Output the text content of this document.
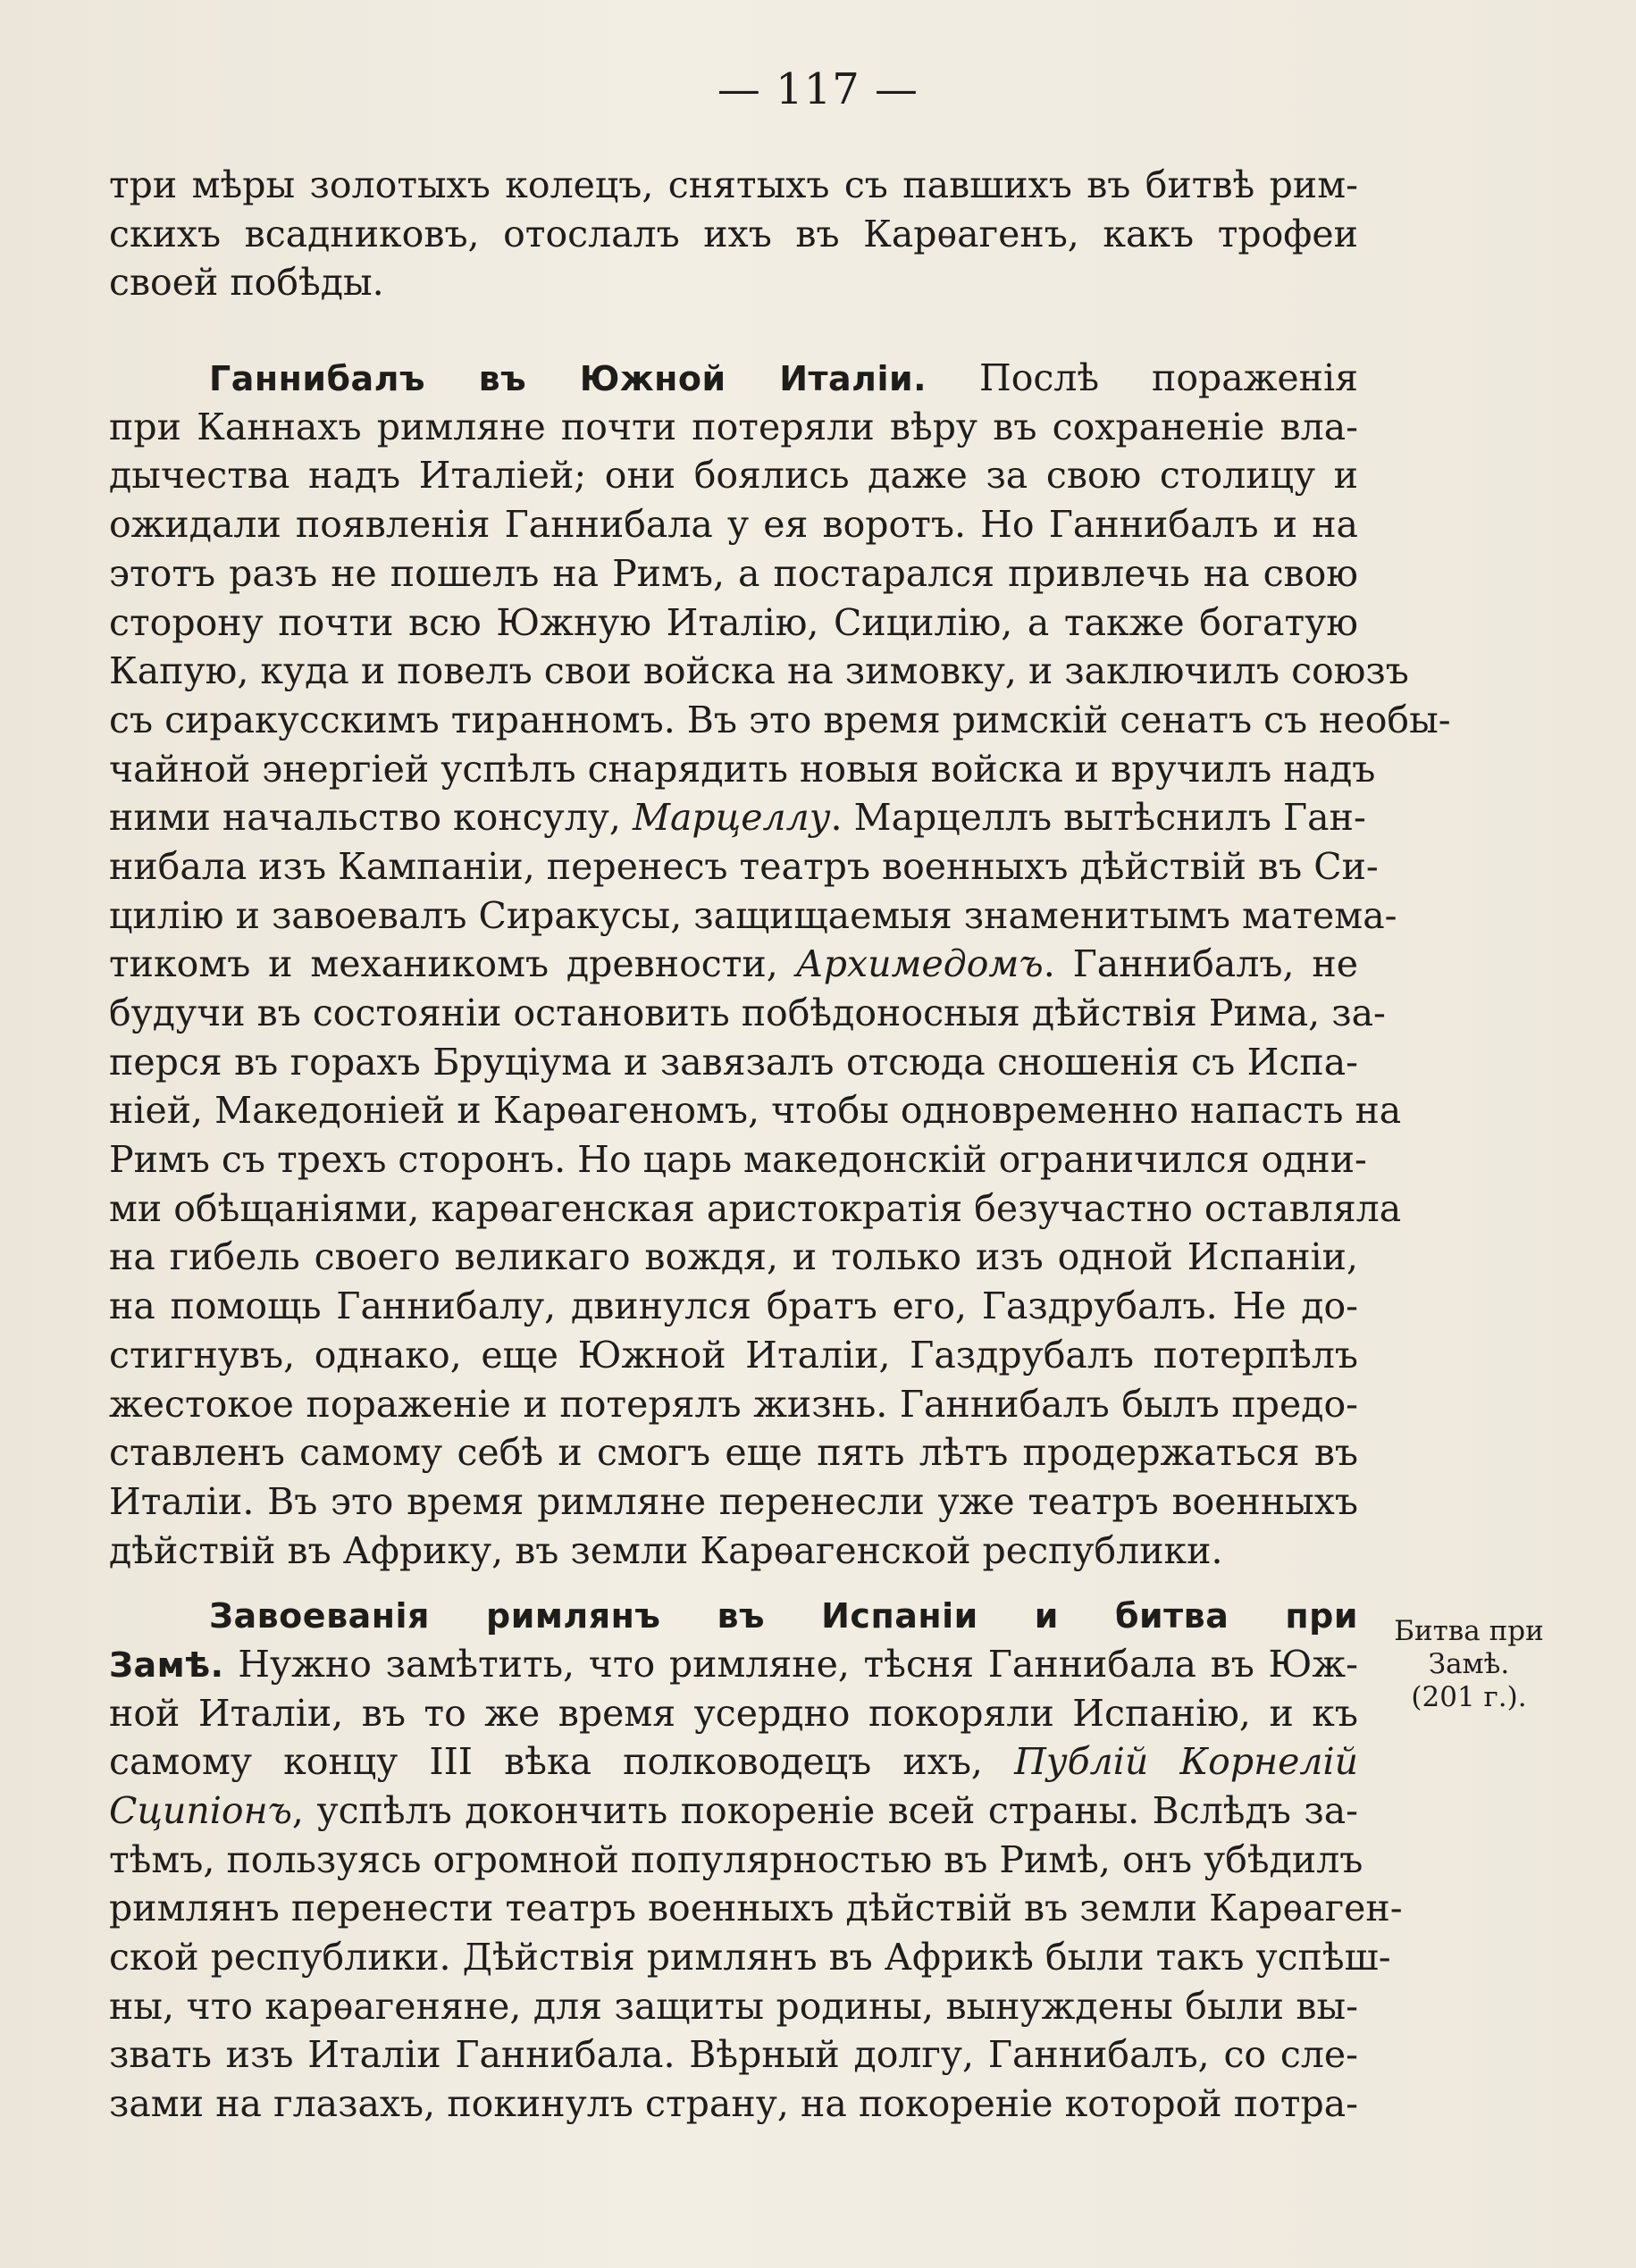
— 117 —

три мѣры золотыхъ колецъ, снятыхъ съ павшихъ въ битвѣ рим-
скихъ всадниковъ, отослалъ ихъ въ Карѳагенъ, какъ трофеи
своей побѣды.

Ганнибалъ въ Южной Италіи. Послѣ пораженія
при Каннахъ римляне почти потеряли вѣру въ сохраненіе вла-
дычества надъ Италіей; они боялись даже за свою столицу и
ожидали появленія Ганнибала у ея воротъ. Но Ганнибалъ и на
этотъ разъ не пошелъ на Римъ, а постарался привлечь на свою
сторону почти всю Южную Италію, Сицилію, а также богатую
Капую, куда и повелъ свои войска на зимовку, и заключилъ союзъ
съ сиракусскимъ тиранномъ. Въ это время римскій сенатъ съ необы-
чайной энергіей успѣлъ снарядить новыя войска и вручилъ надъ
ними начальство консулу, Марцеллу. Марцеллъ вытѣснилъ Ган-
нибала изъ Кампаніи, перенесъ театръ военныхъ дѣйствій въ Си-
цилію и завоевалъ Сиракусы, защищаемыя знаменитымъ матема-
тикомъ и механикомъ древности, Архимедомъ. Ганнибалъ, не
будучи въ состояніи остановить побѣдоносныя дѣйствія Рима, за-
перся въ горахъ Бруціума и завязалъ отсюда сношенія съ Испа-
ніей, Македоніей и Карѳагеномъ, чтобы одновременно напасть на
Римъ съ трехъ сторонъ. Но царь македонскій ограничился одни-
ми обѣщаніями, карѳагенская аристократія безучастно оставляла
на гибель своего великаго вождя, и только изъ одной Испаніи,
на помощь Ганнибалу, двинулся братъ его, Газдрубалъ. Не до-
стигнувъ, однако, еще Южной Италіи, Газдрубалъ потерпѣлъ
жестокое пораженіе и потерялъ жизнь. Ганнибалъ былъ предо-
ставленъ самому себѣ и смогъ еще пять лѣтъ продержаться въ
Италіи. Въ это время римляне перенесли уже театръ военныхъ
дѣйствій въ Африку, въ земли Карѳагенской республики.

Завоеванія римлянъ въ Испаніи и битва при
Замѣ. Нужно замѣтить, что римляне, тѣсня Ганнибала въ Юж-
ной Италіи, въ то же время усердно покоряли Испанію, и къ
самому концу III вѣка полководецъ ихъ, Публій Корнелій
Сципіонъ, успѣлъ докончить покореніе всей страны. Вслѣдъ за-
тѣмъ, пользуясь огромной популярностью въ Римѣ, онъ убѣдилъ
римлянъ перенести театръ военныхъ дѣйствій въ земли Карѳаген-
ской республики. Дѣйствія римлянъ въ Африкѣ были такъ успѣш-
ны, что карѳагеняне, для защиты родины, вынуждены были вы-
звать изъ Италіи Ганнибала. Вѣрный долгу, Ганнибалъ, со сле-
зами на глазахъ, покинулъ страну, на покореніе которой потра-

Битва при
Замѣ.
(201 г.).
